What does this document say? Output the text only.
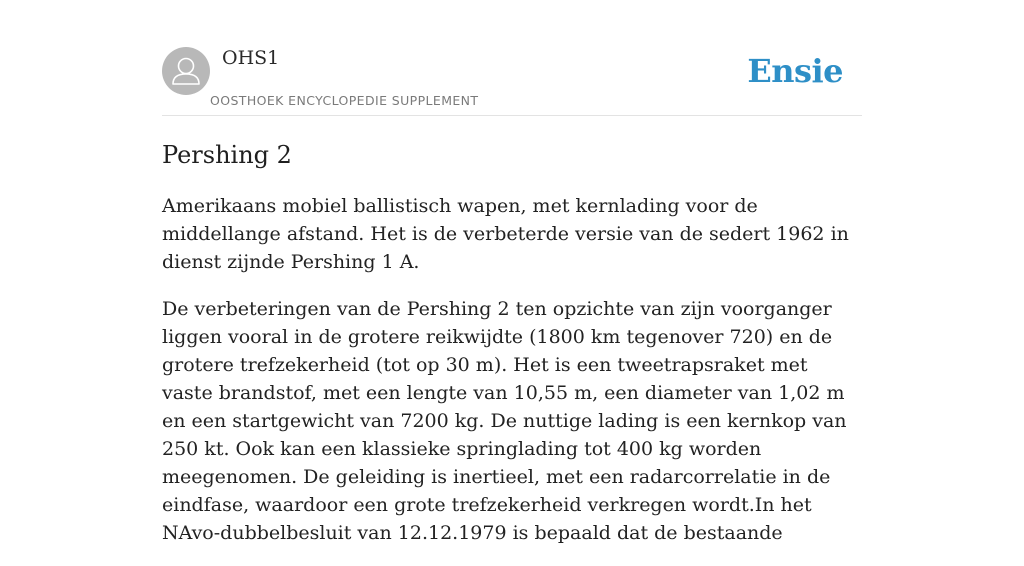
OHS1
OOSTHOEK ENCYCLOPEDIE SUPPLEMENT
Ensie
Pershing 2

Amerikaans mobiel ballistisch wapen, met kernlading voor de middellange afstand. Het is de verbeterde versie van de sedert 1962 in dienst zijnde Pershing 1 A.

De verbeteringen van de Pershing 2 ten opzichte van zijn voorganger liggen vooral in de grotere reikwijdte (1800 km tegenover 720) en de grotere trefzekerheid (tot op 30 m). Het is een tweetrapsraket met vaste brandstof, met een lengte van 10,55 m, een diameter van 1,02 m en een startgewicht van 7200 kg. De nuttige lading is een kernkop van 250 kt. Ook kan een klassieke springlading tot 400 kg worden meegenomen. De geleiding is inertieel, met een radarcorrelatie in de eindfase, waardoor een grote trefzekerheid verkregen wordt.In het NAvo-dubbelbesluit van 12.12.1979 is bepaald dat de bestaande
